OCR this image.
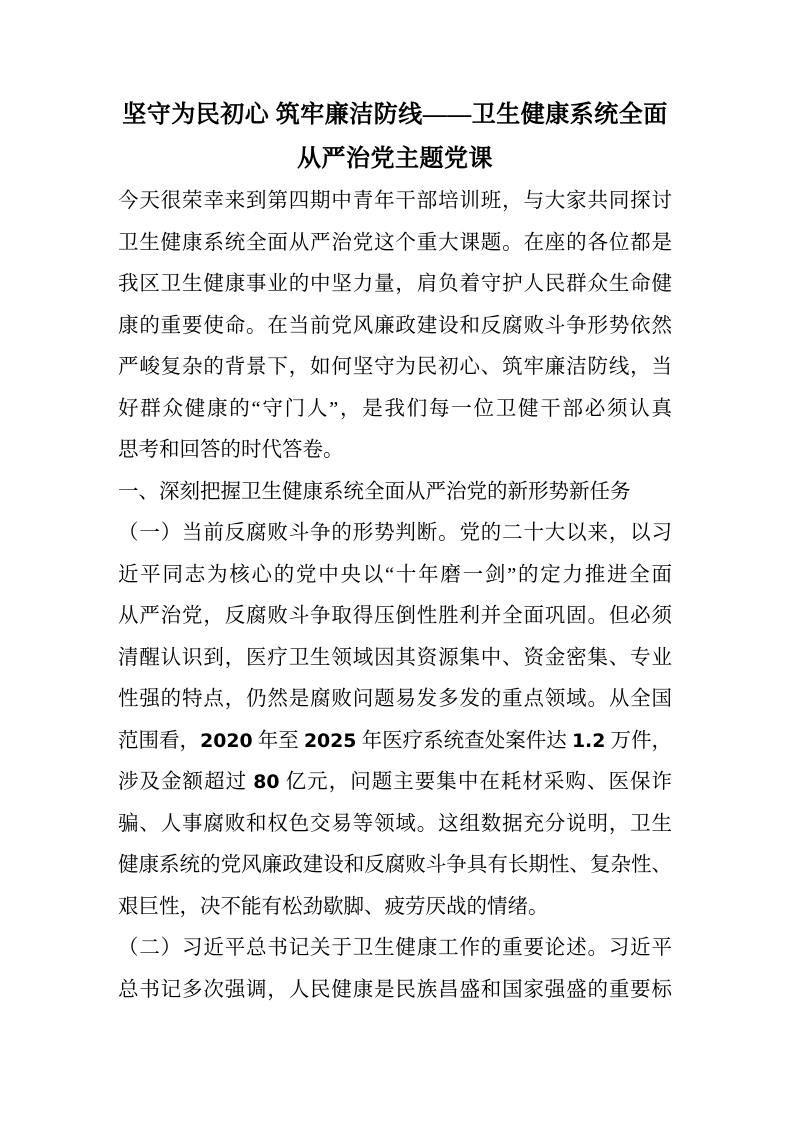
坚守为民初心 筑牢廉洁防线——卫生健康系统全面
从严治党主题党课
今天很荣幸来到第四期中青年干部培训班，与大家共同探讨
卫生健康系统全面从严治党这个重大课题。在座的各位都是
我区卫生健康事业的中坚力量，肩负着守护人民群众生命健
康的重要使命。在当前党风廉政建设和反腐败斗争形势依然
严峻复杂的背景下，如何坚守为民初心、筑牢廉洁防线，当
好群众健康的“守门人”，是我们每一位卫健干部必须认真
思考和回答的时代答卷。
一、深刻把握卫生健康系统全面从严治党的新形势新任务
（一）当前反腐败斗争的形势判断。党的二十大以来，以习
近平同志为核心的党中央以“十年磨一剑”的定力推进全面
从严治党，反腐败斗争取得压倒性胜利并全面巩固。但必须
清醒认识到，医疗卫生领域因其资源集中、资金密集、专业
性强的特点，仍然是腐败问题易发多发的重点领域。从全国
范围看，2020 年至 2025 年医疗系统查处案件达 1.2 万件，
涉及金额超过 80 亿元，问题主要集中在耗材采购、医保诈
骗、人事腐败和权色交易等领域。这组数据充分说明，卫生
健康系统的党风廉政建设和反腐败斗争具有长期性、复杂性、
艰巨性，决不能有松劲歇脚、疲劳厌战的情绪。
（二）习近平总书记关于卫生健康工作的重要论述。习近平
总书记多次强调，人民健康是民族昌盛和国家强盛的重要标
